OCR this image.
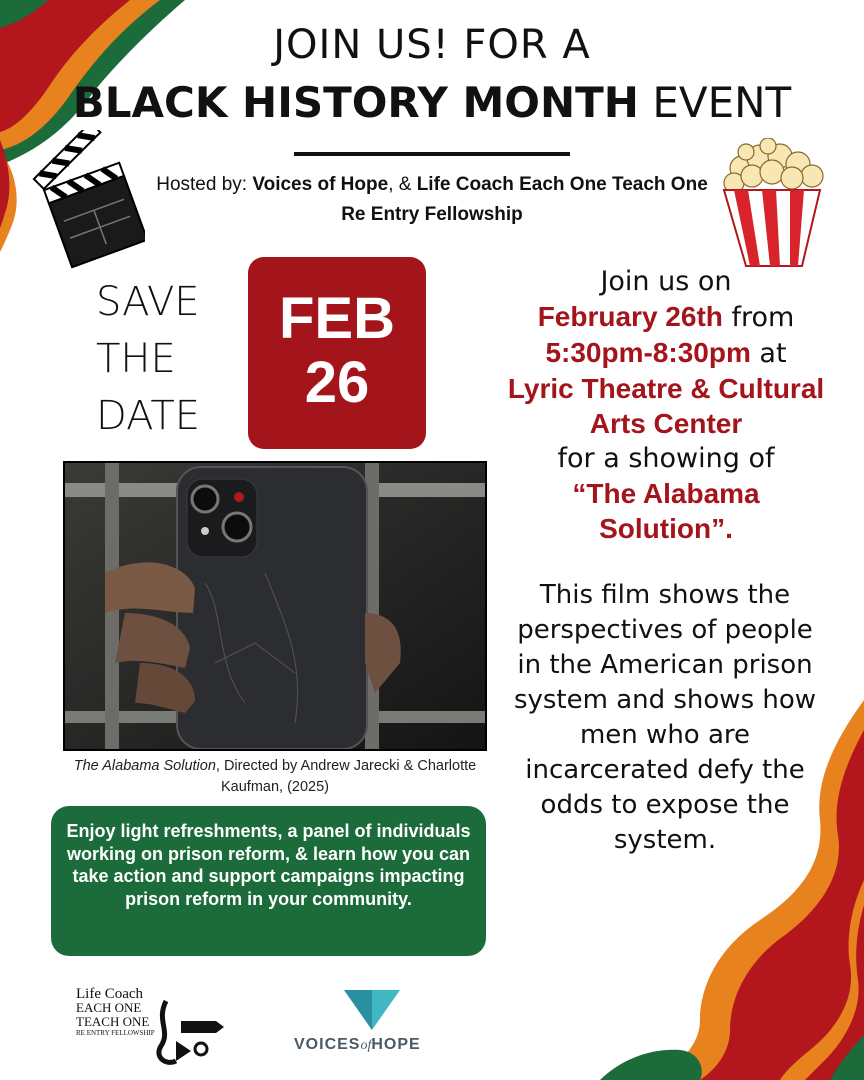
JOIN US! FOR A
BLACK HISTORY MONTH EVENT
Hosted by: Voices of Hope, & Life Coach Each One Teach One Re Entry Fellowship
SAVE
THE
DATE
FEB
26
Join us on
February 26th from
5:30pm-8:30pm at
Lyric Theatre & Cultural Arts Center
for a showing of
“The Alabama Solution”.
This film shows the perspectives of people in the American prison system and shows how men who are incarcerated defy the odds to expose the system.
The Alabama Solution, Directed by Andrew Jarecki & Charlotte Kaufman, (2025)
Enjoy light refreshments, a panel of individuals working on prison reform, & learn how you can take action and support campaigns impacting prison reform in your community.
Life Coach
EACH ONE
TEACH ONE
RE ENTRY FELLOWSHIP
VOICESofHOPE
